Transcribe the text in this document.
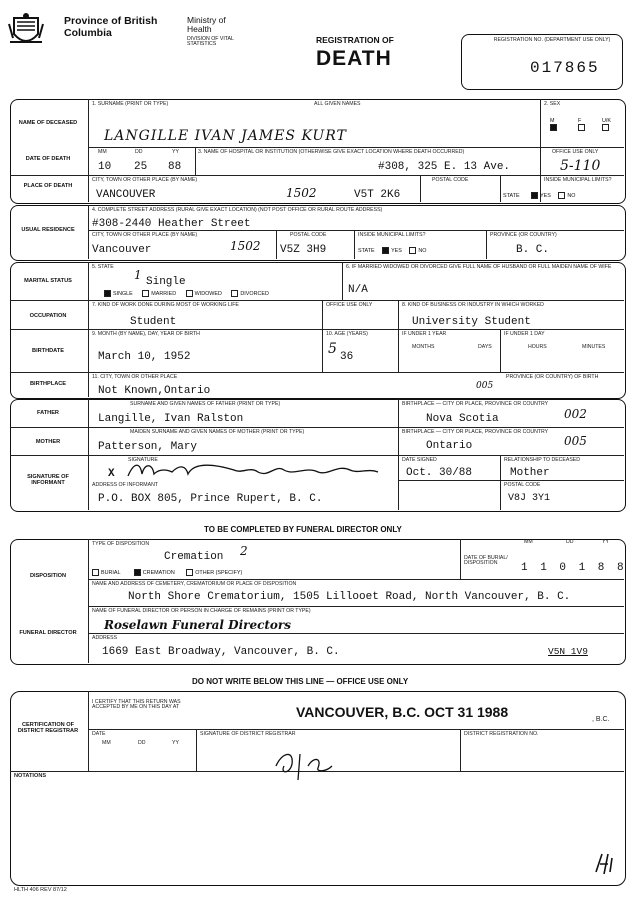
Province of British Columbia
Ministry of Health
DIVISION OF VITAL STATISTICS	REGISTRATION OF
DEATH
REGISTRATION NO. (DEPARTMENT USE ONLY)
017865
NAME OF DECEASED
DATE OF DEATH
PLACE OF DEATH
1. SURNAME (PRINT OR TYPE)	ALL GIVEN NAMES
LANGILLE IVAN JAMES KURT
2. SEX
M	F	U/K

MM	DD	YY
10 25 88
3. NAME OF HOSPITAL OR INSTITUTION (OTHERWISE GIVE EXACT LOCATION WHERE DEATH OCCURRED)
#308, 325 E. 13 Ave.
OFFICE USE ONLY
5-110
CITY, TOWN OR OTHER PLACE (BY NAME)
VANCOUVER	1502
POSTAL CODE
V5T 2K6
INSIDE MUNICIPAL LIMITS?
STATE	YES	NO
USUAL RESIDENCE
4. COMPLETE STREET ADDRESS (RURAL GIVE EXACT LOCATION) (NOT POST OFFICE OR RURAL ROUTE ADDRESS)
#308-2440 Heather Street
CITY, TOWN OR OTHER PLACE (BY NAME)
Vancouver	1502
POSTAL CODE
V5Z 3H9
INSIDE MUNICIPAL LIMITS?
STATE	YES	NO
PROVINCE (OR COUNTRY)
B. C.
MARITAL STATUS
5. STATE
1 Single
SINGLE	MARRIED	WIDOWED	DIVORCED
6. IF MARRIED WIDOWED OR DIVORCED GIVE FULL NAME OF HUSBAND OR FULL MAIDEN NAME OF WIFE
N/A
OCCUPATION
7. KIND OF WORK DONE DURING MOST OF WORKING LIFE
Student
OFFICE USE ONLY	8. KIND OF BUSINESS OR INDUSTRY IN WHICH WORKED
University Student
BIRTHDATE
9. MONTH (BY NAME), DAY, YEAR OF BIRTH
March 10, 1952
10. AGE (YEARS)
5 36
IF UNDER 1 YEAR	IF UNDER 1 DAY
MONTHS	DAYS	HOURS	MINUTES
BIRTHPLACE
11. CITY, TOWN OR OTHER PLACE	PROVINCE (OR COUNTRY) OF BIRTH
Not Known,Ontario	005
FATHER
SURNAME AND GIVEN NAMES OF FATHER (PRINT OR TYPE)
Langille, Ivan Ralston
BIRTHPLACE — CITY OR PLACE, PROVINCE OR COUNTRY
Nova Scotia	002
MOTHER
MAIDEN SURNAME AND GIVEN NAMES OF MOTHER (PRINT OR TYPE)
Patterson, Mary
BIRTHPLACE — CITY OR PLACE, PROVINCE OR COUNTRY
Ontario	005
SIGNATURE OF INFORMANT
SIGNATURE
X
DATE SIGNED
Oct. 30/88
RELATIONSHIP TO DECEASED
Mother
ADDRESS OF INFORMANT
P.O. BOX 805, Prince Rupert, B. C.
POSTAL CODE
V8J 3Y1
TO BE COMPLETED BY FUNERAL DIRECTOR ONLY
DISPOSITION
TYPE OF DISPOSITION
Cremation 2
BURIAL	CREMATION	OTHER (SPECIFY)
MM	DD	YY
DATE OF BURIAL/ DISPOSITION	1 1 0 1 8 8
NAME AND ADDRESS OF CEMETERY, CREMATORIUM OR PLACE OF DISPOSITION
North Shore Crematorium, 1505 Lillooet Road, North Vancouver, B. C.
FUNERAL DIRECTOR
NAME OF FUNERAL DIRECTOR OR PERSON IN CHARGE OF REMAINS (PRINT OR TYPE)
Roselawn Funeral Directors
ADDRESS
1669 East Broadway, Vancouver, B. C.	V5N 1V9
DO NOT WRITE BELOW THIS LINE — OFFICE USE ONLY
CERTIFICATION OF DISTRICT REGISTRAR
I CERTIFY THAT THIS RETURN WAS ACCEPTED BY ME ON THIS DAY AT	VANCOUVER, B.C. OCT 31 1988	, B.C.
DATE
MM	DD	YY
SIGNATURE OF DISTRICT REGISTRAR	DISTRICT REGISTRATION NO.
NOTATIONS
HLTH 406 REV 87/12
